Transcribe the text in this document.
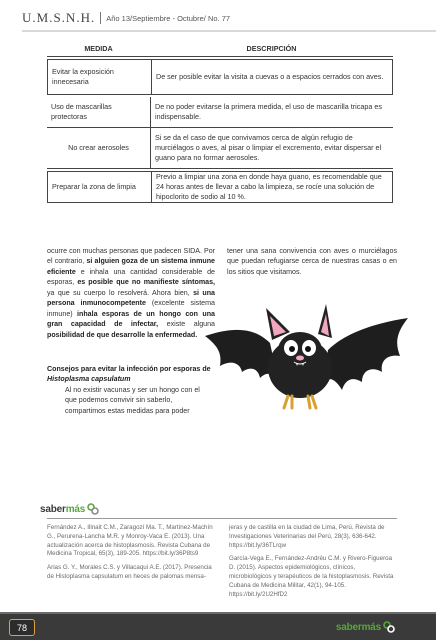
U.M.S.N.H. Año 13/Septiembre - Octubre/ No. 77
MEDIDA	DESCRIPCIÓN
Evitar la exposición innecesaria
De ser posible evitar la visita a cuevas o a espacios cerrados con aves.
Uso de mascarillas protectoras
De no poder evitarse la primera medida, el uso de mascarilla tricapa es indispensable.
No crear aerosoles
Si se da el caso de que convivamos cerca de algún refugio de murciélagos o aves, al pisar o limpiar el excremento, evitar dispersar el guano para no formar aerosoles.
Preparar la zona de limpia
Previo a limpiar una zona en donde haya guano, es recomendable que 24 horas antes de llevar a cabo la limpieza, se rocíe una solución de hipoclorito de sodio al 10 %.
ocurre con muchas personas que padecen SIDA. Por el contrario, si alguien goza de un sistema inmune eficiente e inhala una cantidad considerable de esporas, es posible que no manifieste síntomas, ya que su cuerpo lo resolverá. Ahora bien, si una persona inmunocompetente (excelente sistema inmune) inhala esporas de un hongo con una gran capacidad de infectar, existe alguna posibilidad de que desarrolle la enfermedad.
Consejos para evitar la infección por esporas de Histoplasma capsulatum
Al no existir vacunas y ser un hongo con el que podemos convivir sin saberlo, compartimos estas medidas para poder
tener una sana convivencia con aves o murciélagos que puedan refugiarse cerca de nuestras casas o en los sitios que visitamos.
sabermás

Fernández A., Illnait C.M., Zaragozí Ma. T., Martínez-Machín G., Perurena-Lancha M.R. y Monroy-Vaca E. (2013). Una actualización acerca de histoplasmosis. Revista Cubana de Medicina Tropical, 65(3), 189-205. https://bit.ly/36P8ts9

Arias G. Y., Morales C.S. y Villacaqui A.E. (2017). Presencia de Histoplasma capsulatum en heces de palomas mensa-

jeras y de castilla en la ciudad de Lima, Perú. Revista de Investigaciones Veterinarias del Perú, 28(3), 636-642. https://bit.ly/36TLrqw

García-Vega E., Fernández-Andréu C.M. y Rivero-Figueroa D. (2015). Aspectos epidemiológicos, clínicos, microbiológicos y terapéuticos de la histoplasmosis. Revista Cubana de Medicina Militar, 42(1), 94-105. https://bit.ly/2U2HfD2

78	sabermás
